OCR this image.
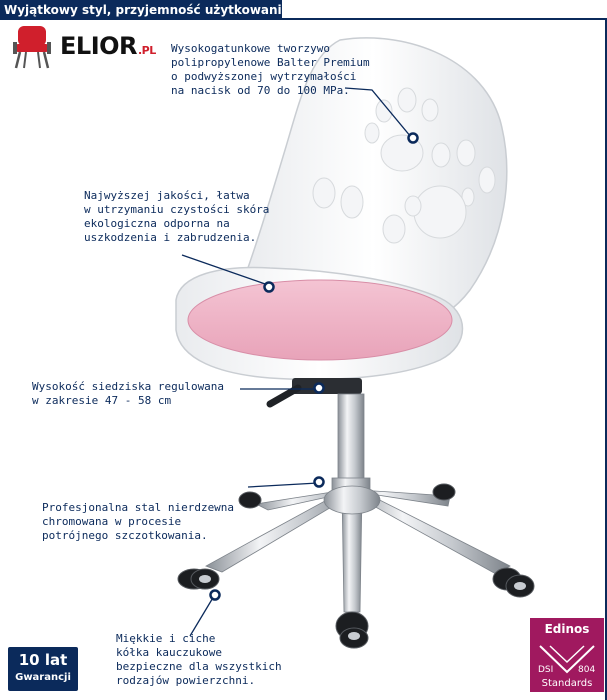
Wyjątkowy styl, przyjemność użytkowania!
ELIOR.PL Wysokogatunkowe tworzywo
polipropylenowe Balter Premium
o podwyższonej wytrzymałości
na nacisk od 70 do 100 MPa.
Najwyższej jakości, łatwa
w utrzymaniu czystości skóra
ekologiczna odporna na
uszkodzenia i zabrudzenia.
Wysokość siedziska regulowana
w zakresie 47 - 58 cm
Profesjonalna stal nierdzewna
chromowana w procesie
potrójnego szczotkowania.
Miękkie i ciche
kółka kauczukowe
bezpieczne dla wszystkich
rodzajów powierzchni.
10 lat
Gwarancji
Edinos
DSI	804
Standards
